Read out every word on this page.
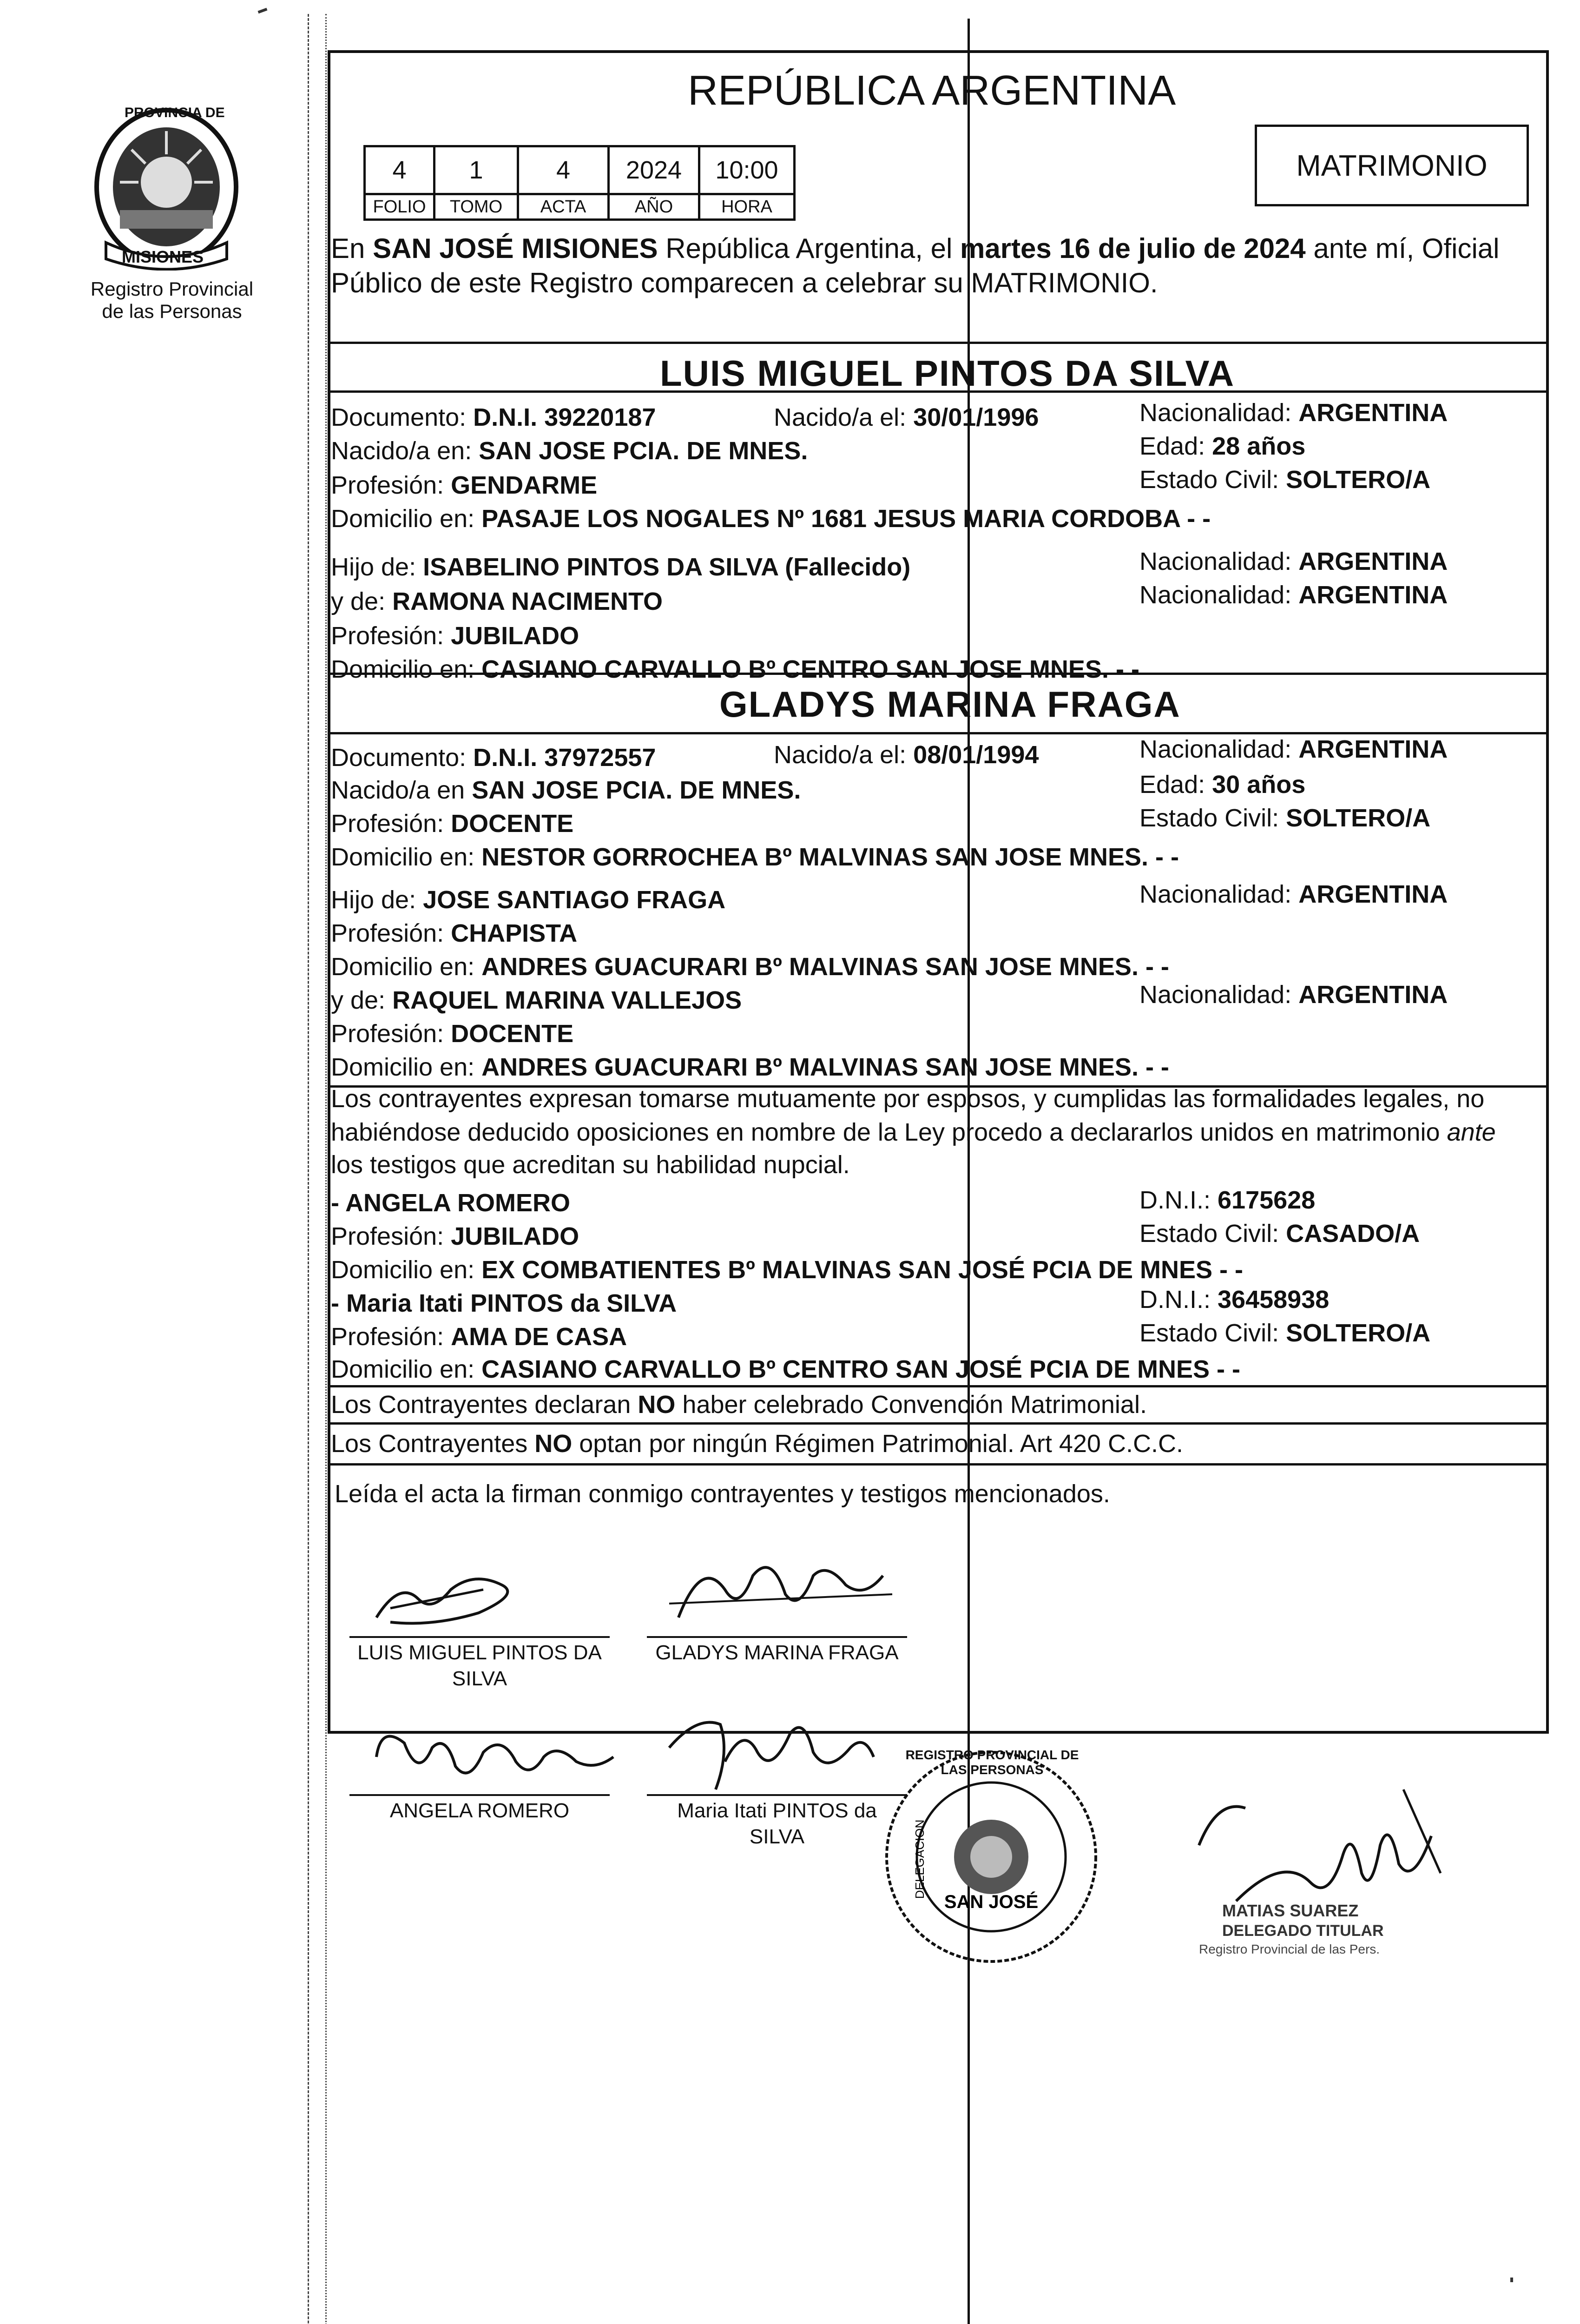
PROVINCIA DE
MISIONES
Registro Provincial
de las Personas
REPÚBLICA ARGENTINA
4	1	4	2024	10:00
FOLIO	TOMO	ACTA	AÑO	HORA
MATRIMONIO
En SAN JOSÉ MISIONES República Argentina, el martes 16 de julio de 2024 ante mí, Oficial
Público de este Registro comparecen a celebrar su MATRIMONIO.
LUIS MIGUEL PINTOS DA SILVA
Documento: D.N.I. 39220187	Nacido/a el: 30/01/1996	Nacionalidad: ARGENTINA
Nacido/a en: SAN JOSE PCIA. DE MNES.	Edad: 28 años
Profesión: GENDARME	Estado Civil: SOLTERO/A
Domicilio en: PASAJE LOS NOGALES Nº 1681 JESUS MARIA CORDOBA - -
Hijo de: ISABELINO PINTOS DA SILVA (Fallecido)	Nacionalidad: ARGENTINA
y de: RAMONA NACIMENTO	Nacionalidad: ARGENTINA
Profesión: JUBILADO
Domicilio en: CASIANO CARVALLO Bº CENTRO SAN JOSE MNES. - -
GLADYS MARINA FRAGA
Documento: D.N.I. 37972557	Nacido/a el: 08/01/1994	Nacionalidad: ARGENTINA
Nacido/a en SAN JOSE PCIA. DE MNES.	Edad: 30 años
Profesión: DOCENTE	Estado Civil: SOLTERO/A
Domicilio en: NESTOR GORROCHEA Bº MALVINAS SAN JOSE MNES. - -
Hijo de: JOSE SANTIAGO FRAGA	Nacionalidad: ARGENTINA
Profesión: CHAPISTA
Domicilio en: ANDRES GUACURARI Bº MALVINAS SAN JOSE MNES. - -
y de: RAQUEL MARINA VALLEJOS	Nacionalidad: ARGENTINA
Profesión: DOCENTE
Domicilio en: ANDRES GUACURARI Bº MALVINAS SAN JOSE MNES. - -
Los contrayentes expresan tomarse mutuamente por esposos, y cumplidas las formalidades legales, no
habiéndose deducido oposiciones en nombre de la Ley procedo a declararlos unidos en matrimonio ante
los testigos que acreditan su habilidad nupcial.
- ANGELA ROMERO	D.N.I.: 6175628
Profesión: JUBILADO	Estado Civil: CASADO/A
Domicilio en: EX COMBATIENTES Bº MALVINAS SAN JOSÉ PCIA DE MNES - -
- Maria Itati PINTOS da SILVA	D.N.I.: 36458938
Profesión: AMA DE CASA	Estado Civil: SOLTERO/A
Domicilio en: CASIANO CARVALLO Bº CENTRO SAN JOSÉ PCIA DE MNES - -
Los Contrayentes declaran NO haber celebrado Convención Matrimonial.
Los Contrayentes NO optan por ningún Régimen Patrimonial. Art 420 C.C.C.
Leída el acta la firman conmigo contrayentes y testigos mencionados.
LUIS MIGUEL PINTOS DA
SILVA
GLADYS MARINA FRAGA
ANGELA ROMERO	Maria Itati PINTOS da
SILVA
SAN JOSÉ
DELEGACION
REGISTRO PROVINCIAL DE LAS PERSONAS
MATIAS SUAREZ
DELEGADO TITULAR
Registro Provincial de las Pers.
